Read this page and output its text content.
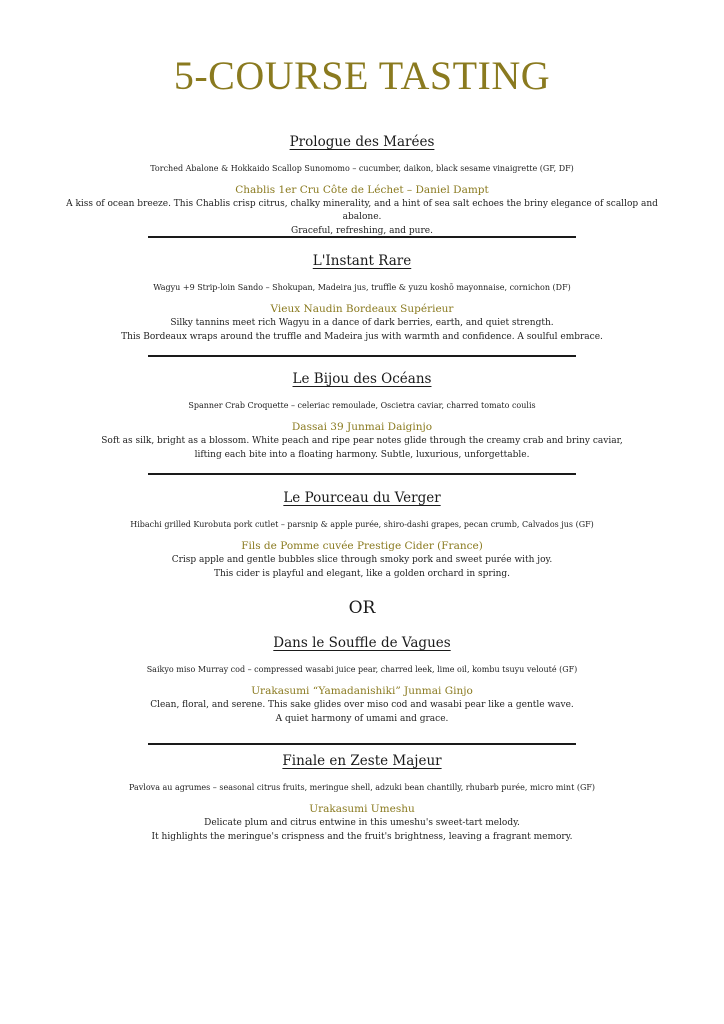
5-COURSE TASTING
Prologue des Marées
Torched Abalone & Hokkaido Scallop Sunomomo – cucumber, daikon, black sesame vinaigrette (GF, DF)
Chablis 1er Cru Côte de Léchet – Daniel Dampt
A kiss of ocean breeze. This Chablis crisp citrus, chalky minerality, and a hint of sea salt echoes the briny elegance of scallop and abalone.
Graceful, refreshing, and pure.
L'Instant Rare
Wagyu +9 Strip-loin Sando – Shokupan, Madeira jus, truffle & yuzu koshō mayonnaise, cornichon (DF)
Vieux Naudin Bordeaux Supérieur
Silky tannins meet rich Wagyu in a dance of dark berries, earth, and quiet strength.
This Bordeaux wraps around the truffle and Madeira jus with warmth and confidence. A soulful embrace.
Le Bijou des Océans
Spanner Crab Croquette – celeriac remoulade, Oscietra caviar, charred tomato coulis
Dassai 39 Junmai Daiginjo
Soft as silk, bright as a blossom. White peach and ripe pear notes glide through the creamy crab and briny caviar,
lifting each bite into a floating harmony. Subtle, luxurious, unforgettable.
Le Pourceau du Verger
Hibachi grilled Kurobuta pork cutlet – parsnip & apple purée, shiro-dashi grapes, pecan crumb, Calvados jus (GF)
Fils de Pomme cuvée Prestige Cider (France)
Crisp apple and gentle bubbles slice through smoky pork and sweet purée with joy.
This cider is playful and elegant, like a golden orchard in spring.
OR
Dans le Souffle de Vagues
Saikyo miso Murray cod – compressed wasabi juice pear, charred leek, lime oil, kombu tsuyu velouté (GF)
Urakasumi “Yamadanishiki” Junmai Ginjo
Clean, floral, and serene. This sake glides over miso cod and wasabi pear like a gentle wave.
A quiet harmony of umami and grace.
Finale en Zeste Majeur
Pavlova au agrumes – seasonal citrus fruits, meringue shell, adzuki bean chantilly, rhubarb purée, micro mint (GF)
Urakasumi Umeshu
Delicate plum and citrus entwine in this umeshu's sweet-tart melody.
It highlights the meringue's crispness and the fruit's brightness, leaving a fragrant memory.
